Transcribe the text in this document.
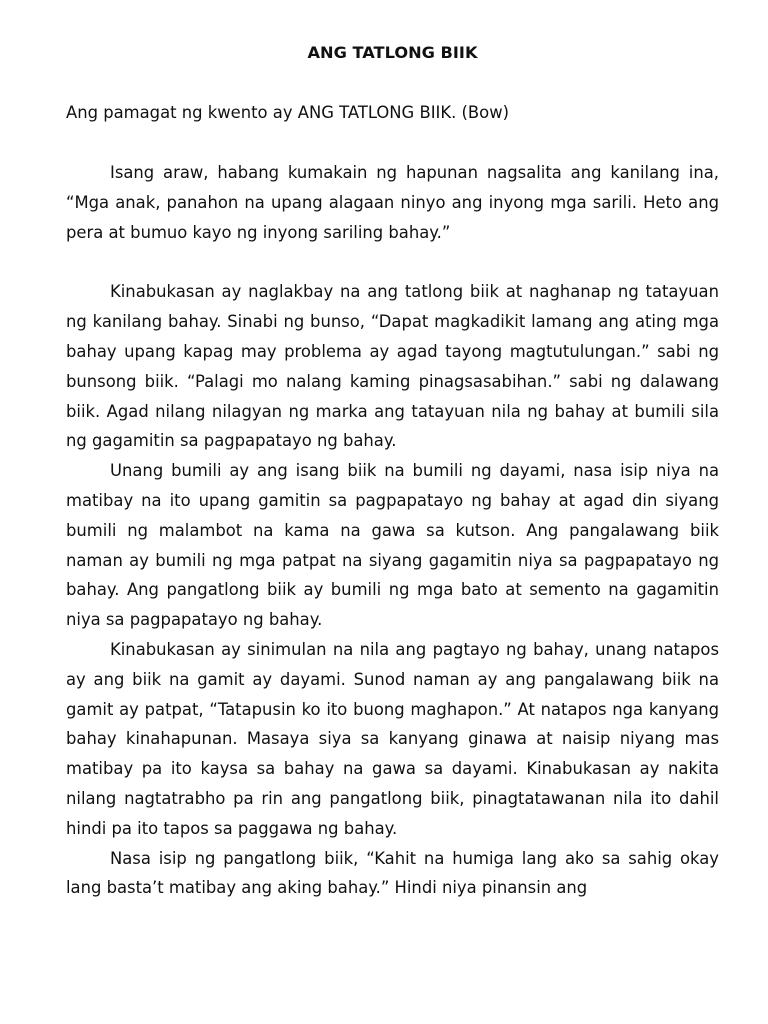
ANG TATLONG BIIK

Ang pamagat ng kwento ay ANG TATLONG BIIK. (Bow)

Isang araw, habang kumakain ng hapunan nagsalita ang kanilang ina, “Mga anak, panahon na upang alagaan ninyo ang inyong mga sarili. Heto ang pera at bumuo kayo ng inyong sariling bahay.”

Kinabukasan ay naglakbay na ang tatlong biik at naghanap ng tatayuan ng kanilang bahay. Sinabi ng bunso, “Dapat magkadikit lamang ang ating mga bahay upang kapag may problema ay agad tayong magtutulungan.” sabi ng bunsong biik. “Palagi mo nalang kaming pinagsasabihan.” sabi ng dalawang biik. Agad nilang nilagyan ng marka ang tatayuan nila ng bahay at bumili sila ng gagamitin sa pagpapatayo ng bahay.

Unang bumili ay ang isang biik na bumili ng dayami, nasa isip niya na matibay na ito upang gamitin sa pagpapatayo ng bahay at agad din siyang bumili ng malambot na kama na gawa sa kutson. Ang pangalawang biik naman ay bumili ng mga patpat na siyang gagamitin niya sa pagpapatayo ng bahay. Ang pangatlong biik ay bumili ng mga bato at semento na gagamitin niya sa pagpapatayo ng bahay.

Kinabukasan ay sinimulan na nila ang pagtayo ng bahay, unang natapos ay ang biik na gamit ay dayami. Sunod naman ay ang pangalawang biik na gamit ay patpat, “Tatapusin ko ito buong maghapon.” At natapos nga kanyang bahay kinahapunan. Masaya siya sa kanyang ginawa at naisip niyang mas matibay pa ito kaysa sa bahay na gawa sa dayami. Kinabukasan ay nakita nilang nagtatrabho pa rin ang pangatlong biik, pinagtatawanan nila ito dahil hindi pa ito tapos sa paggawa ng bahay.

Nasa isip ng pangatlong biik, “Kahit na humiga lang ako sa sahig okay lang basta’t matibay ang aking bahay.” Hindi niya pinansin ang
